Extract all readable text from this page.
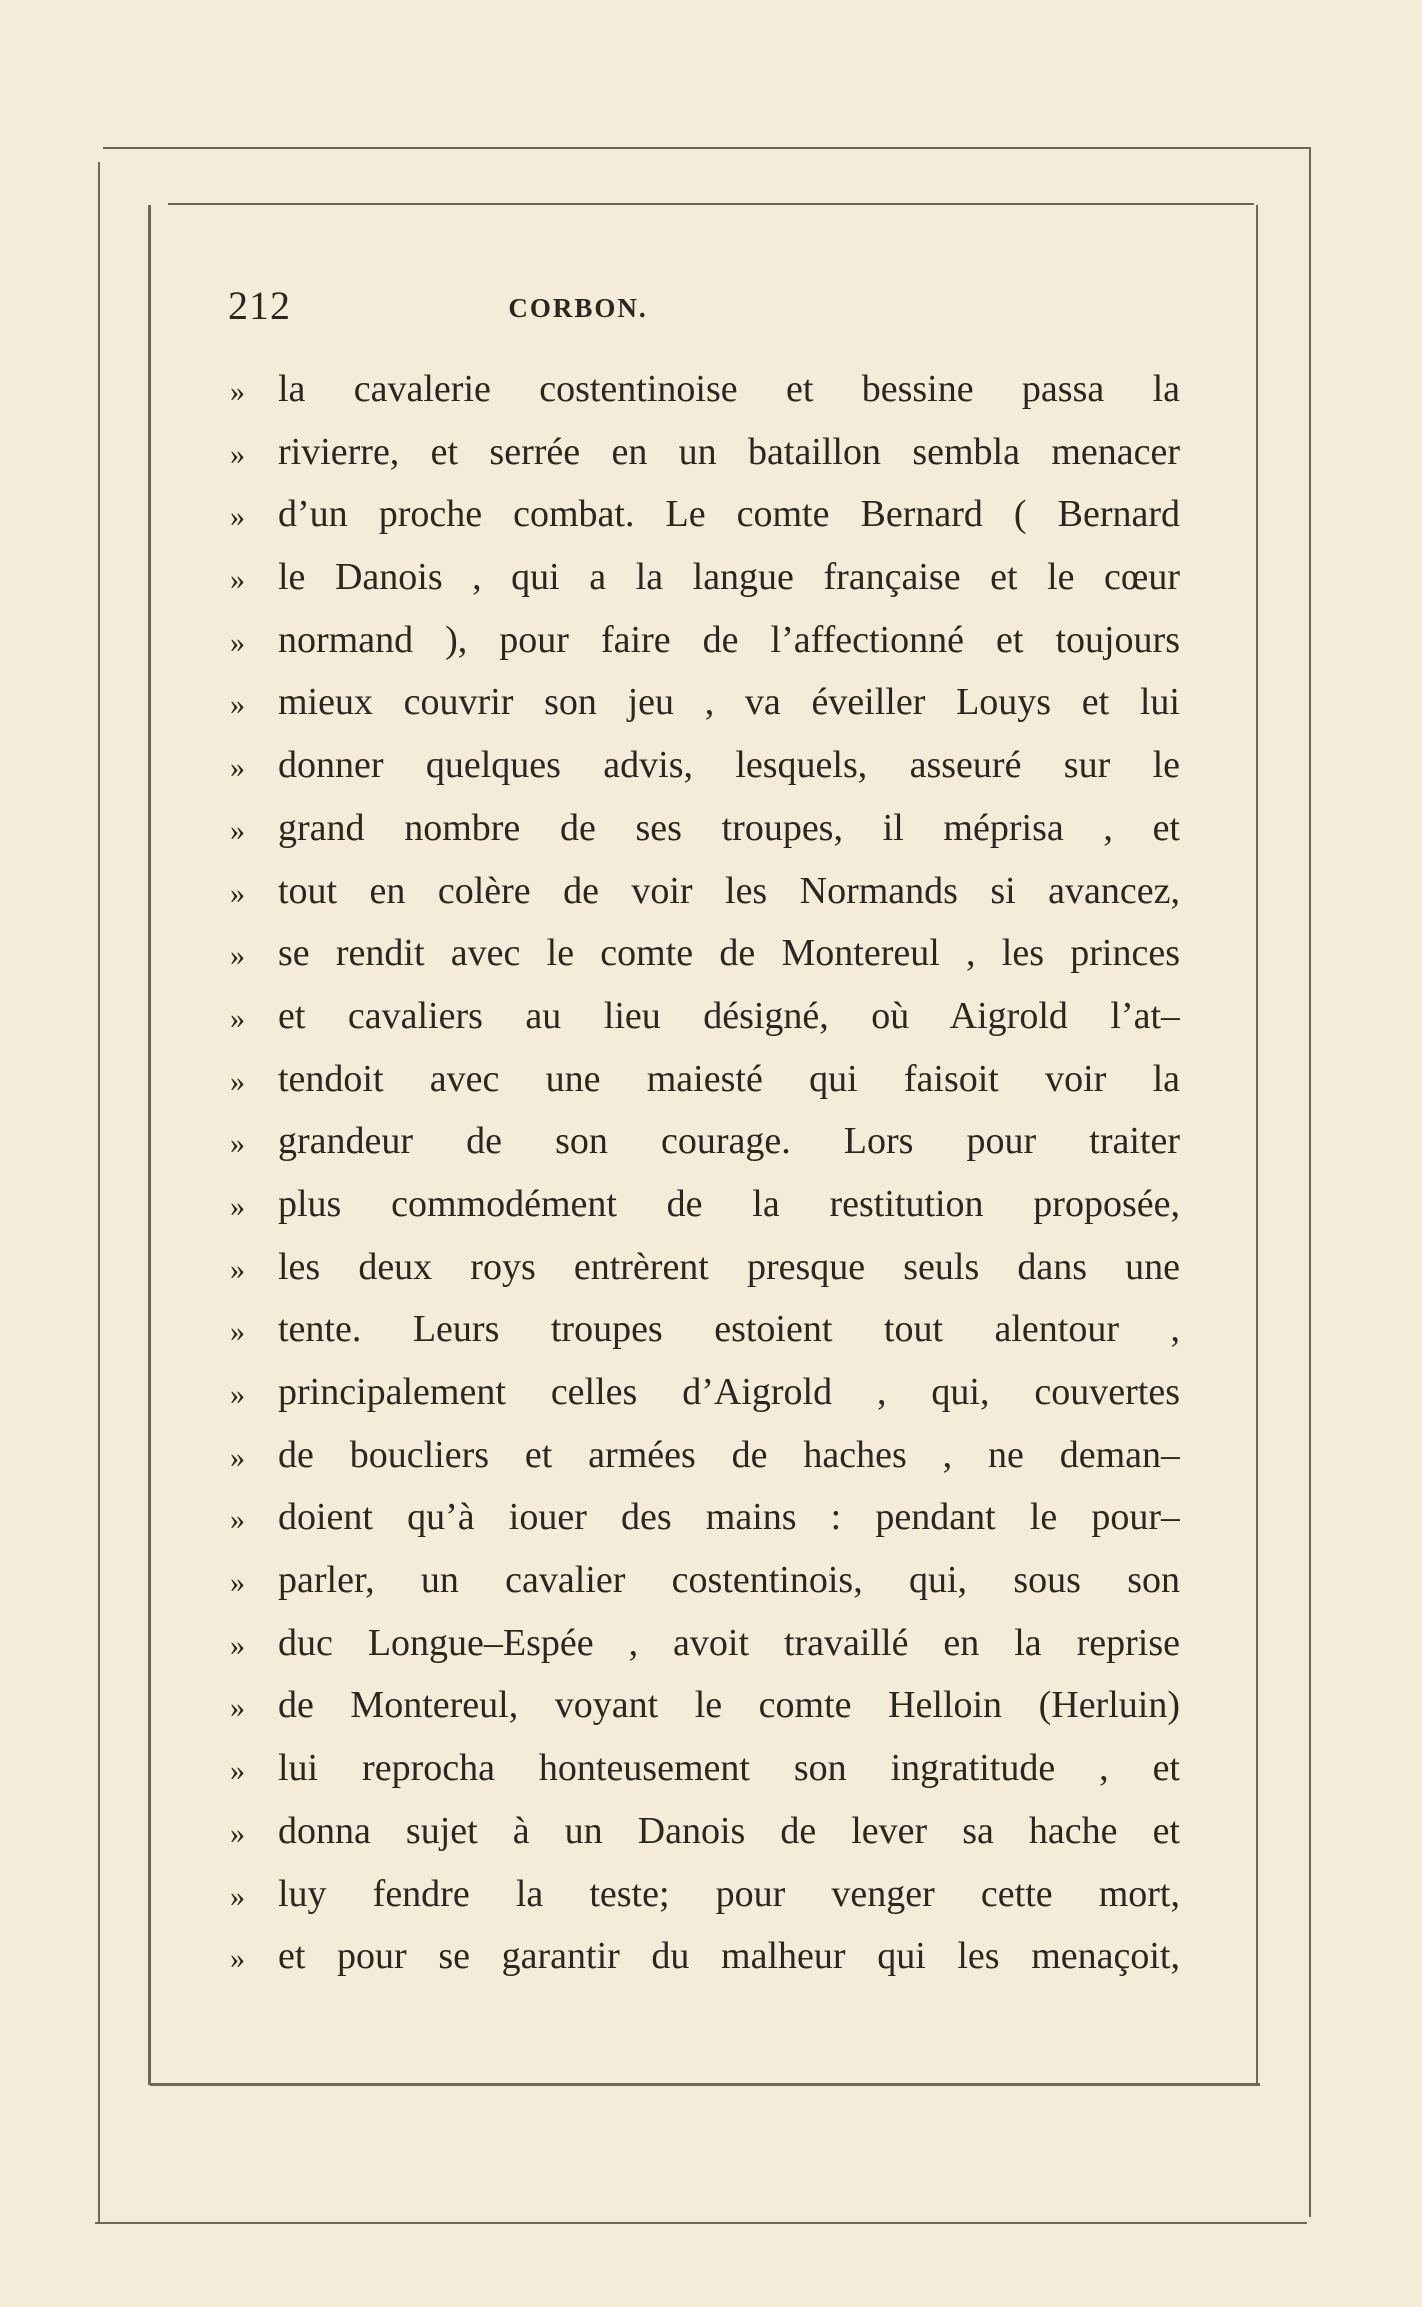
212	CORBON.
» la cavalerie costentinoise et bessine passa la
» rivierre, et serrée en un bataillon sembla menacer
» d’un proche combat. Le comte Bernard ( Bernard
» le Danois , qui a la langue française et le cœur
» normand ), pour faire de l’affectionné et toujours
» mieux couvrir son jeu , va éveiller Louys et lui
» donner quelques advis, lesquels, asseuré sur le
» grand nombre de ses troupes, il méprisa , et
» tout en colère de voir les Normands si avancez,
» se rendit avec le comte de Montereul , les princes
» et cavaliers au lieu désigné, où Aigrold l’at–
» tendoit avec une maiesté qui faisoit voir la
» grandeur de son courage. Lors pour traiter
» plus commodément de la restitution proposée,
» les deux roys entrèrent presque seuls dans une
» tente. Leurs troupes estoient tout alentour ,
» principalement celles d’Aigrold , qui, couvertes
» de boucliers et armées de haches , ne deman–
» doient qu’à iouer des mains : pendant le pour–
» parler, un cavalier costentinois, qui, sous son
» duc Longue–Espée , avoit travaillé en la reprise
» de Montereul, voyant le comte Helloin (Herluin)
» lui reprocha honteusement son ingratitude , et
» donna sujet à un Danois de lever sa hache et
» luy fendre la teste; pour venger cette mort,
» et pour se garantir du malheur qui les menaçoit,
